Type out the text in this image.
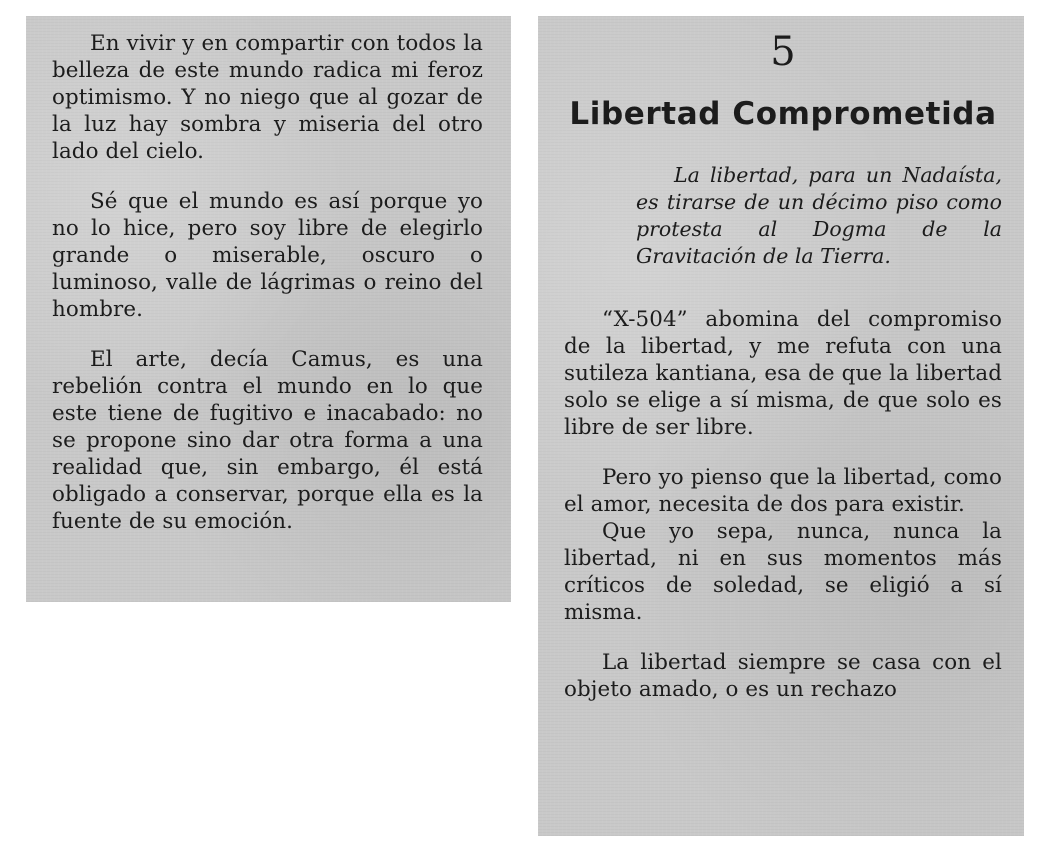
En vivir y en compartir con todos la belleza de este mundo radica mi feroz optimismo. Y no niego que al gozar de la luz hay sombra y miseria del otro lado del cielo.

Sé que el mundo es así porque yo no lo hice, pero soy libre de elegirlo grande o miserable, oscuro o luminoso, valle de lágrimas o reino del hombre.

El arte, decía Camus, es una rebelión contra el mundo en lo que este tiene de fugitivo e inacabado: no se propone sino dar otra forma a una realidad que, sin embargo, él está obligado a conservar, porque ella es la fuente de su emoción.

5
Libertad Comprometida

La libertad, para un Nadaísta, es tirarse de un décimo piso como protesta al Dogma de la Gravitación de la Tierra.

“X-504” abomina del compromiso de la libertad, y me refuta con una sutileza kantiana, esa de que la libertad solo se elige a sí misma, de que solo es libre de ser libre.

Pero yo pienso que la libertad, como el amor, necesita de dos para existir.

Que yo sepa, nunca, nunca la libertad, ni en sus momentos más críticos de soledad, se eligió a sí misma.

La libertad siempre se casa con el objeto amado, o es un rechazo
